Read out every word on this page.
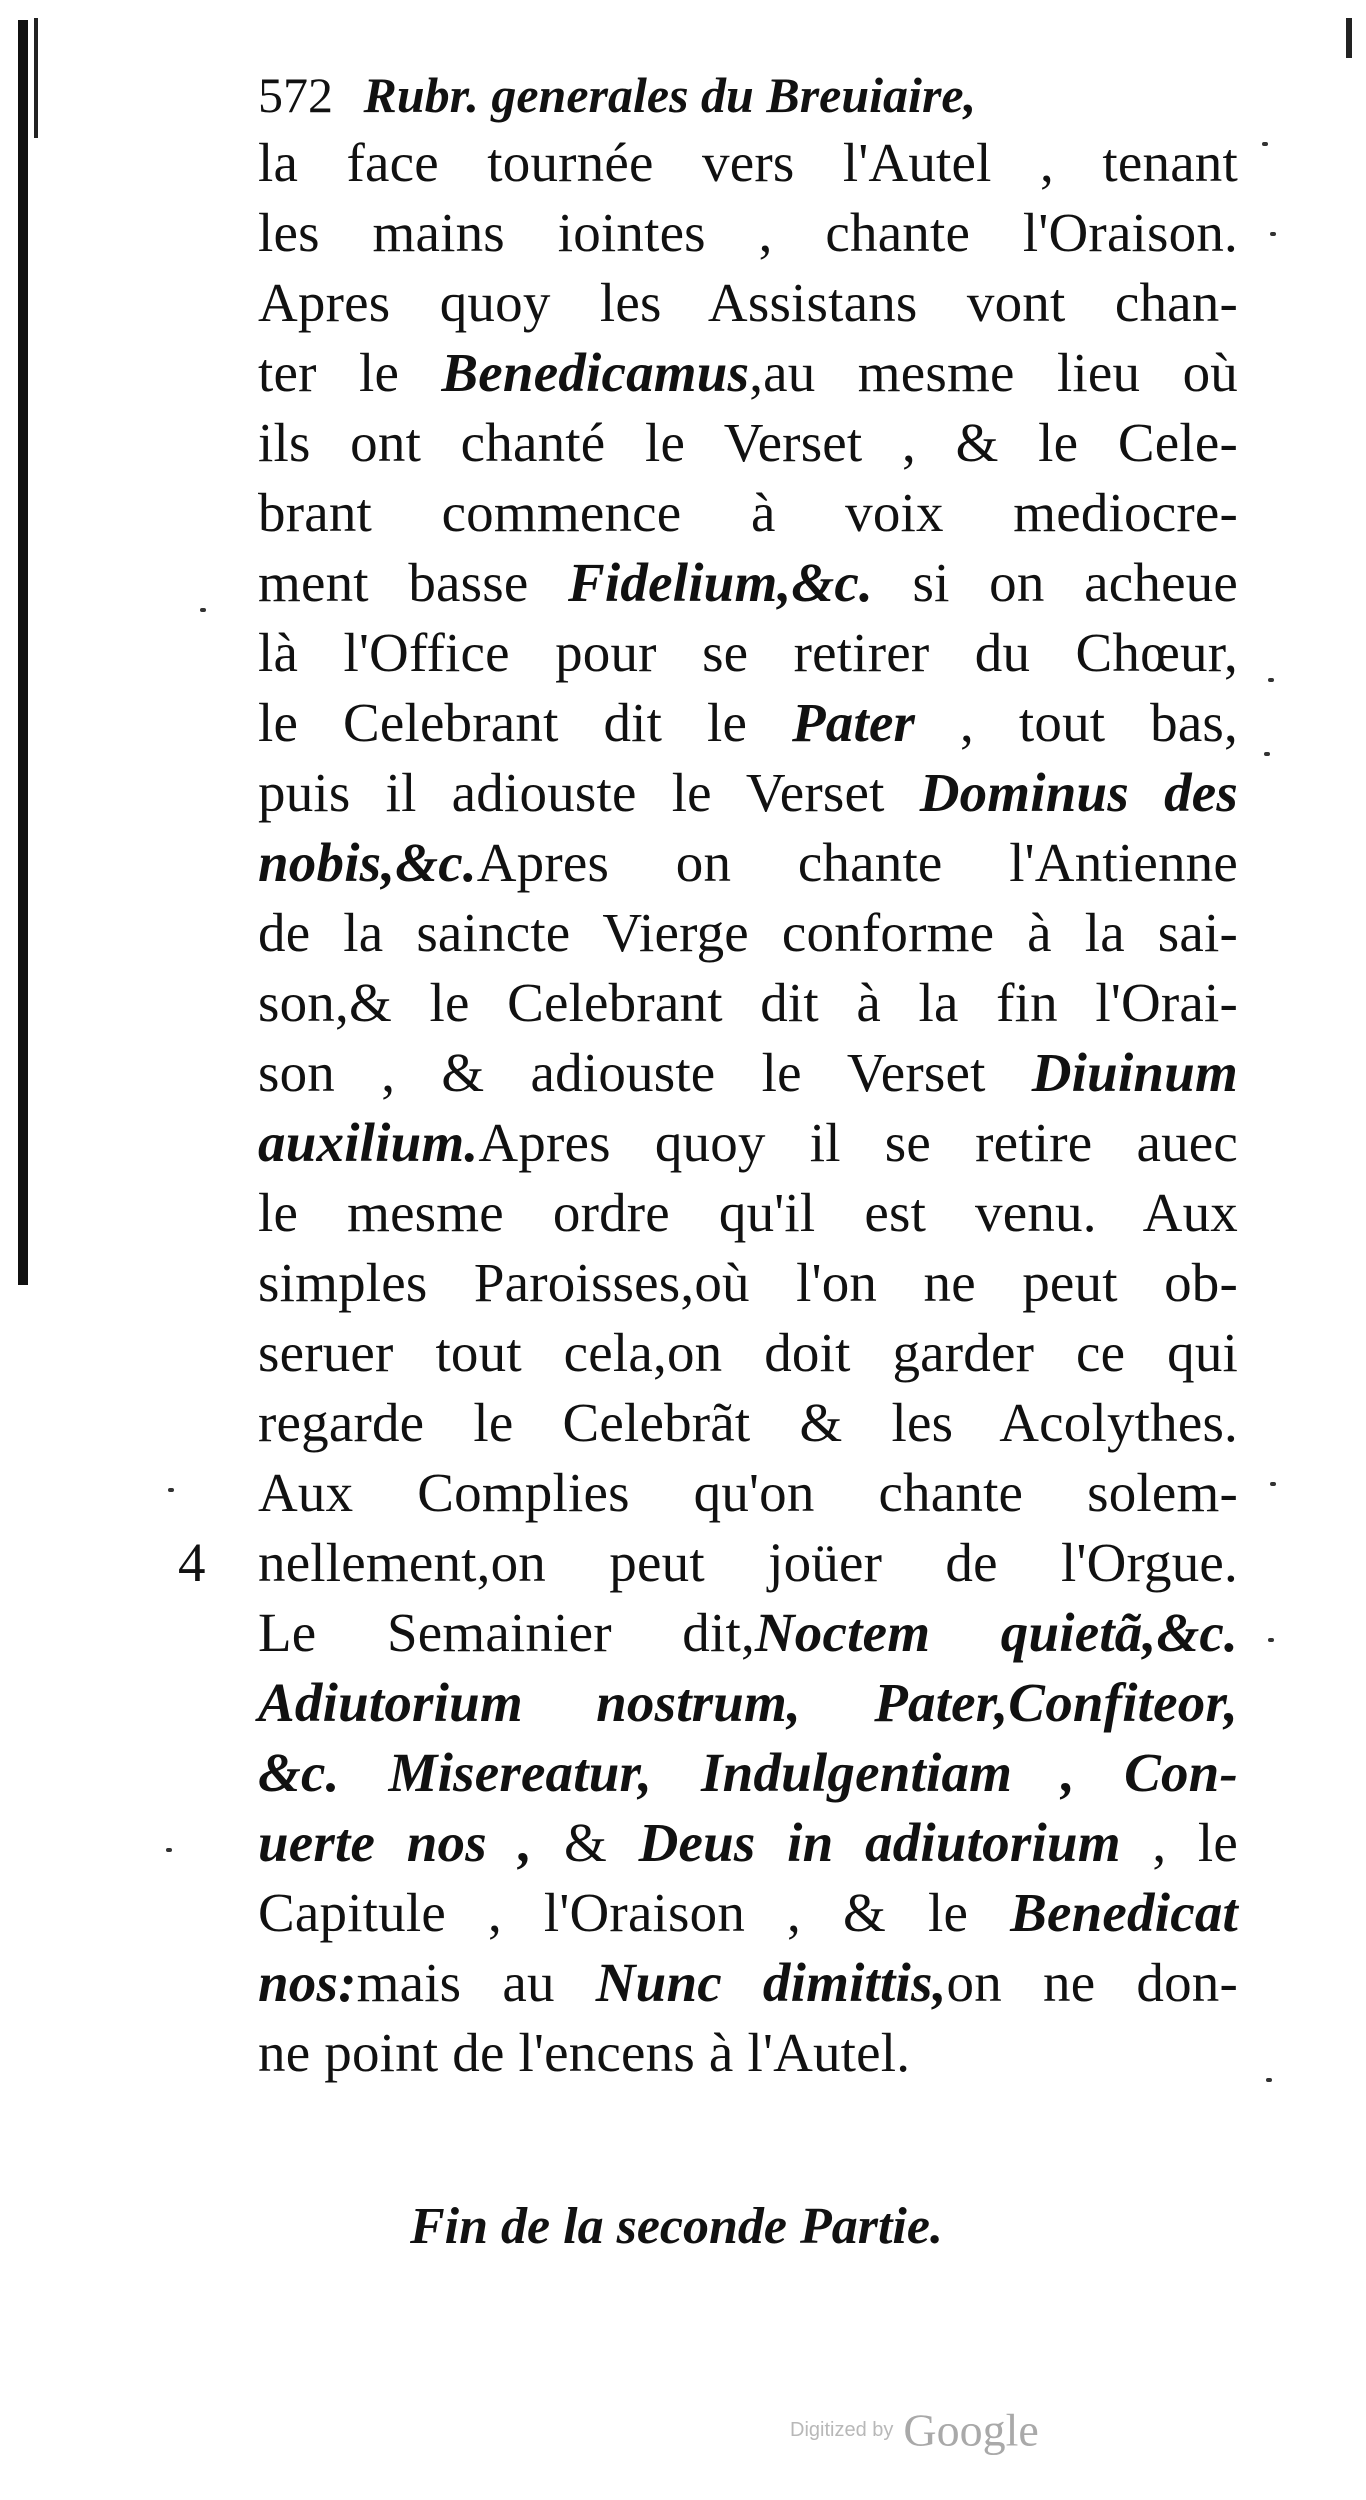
572 Rubr. generales du Breuiaire,
4
la face tournée vers l'Autel , tenant
les mains iointes , chante l'Oraison.
Apres quoy les Assistans vont chan-
ter le Benedicamus,au mesme lieu où
ils ont chanté le Verset , & le Cele-
brant commence à voix mediocre-
ment basse Fidelium,&c. si on acheue
là l'Office pour se retirer du Chœur,
le Celebrant dit le Pater , tout bas,
puis il adiouste le Verset Dominus des
nobis,&c.Apres on chante l'Antienne
de la saincte Vierge conforme à la sai-
son,& le Celebrant dit à la fin l'Orai-
son , & adiouste le Verset Diuinum
auxilium.Apres quoy il se retire auec
le mesme ordre qu'il est venu. Aux
simples Paroisses,où l'on ne peut ob-
seruer tout cela,on doit garder ce qui
regarde le Celebrãt & les Acolythes.
Aux Complies qu'on chante solem-
nellement,on peut joüer de l'Orgue.
Le Semainier dit,Noctem quietã,&c.
Adiutorium nostrum, Pater,Confiteor,
&c. Misereatur, Indulgentiam , Con-
uerte nos , & Deus in adiutorium , le
Capitule , l'Oraison , & le Benedicat
nos:mais au Nunc dimittis,on ne don-
ne point de l'encens à l'Autel.
Fin de la seconde Partie.
Digitized by Google
